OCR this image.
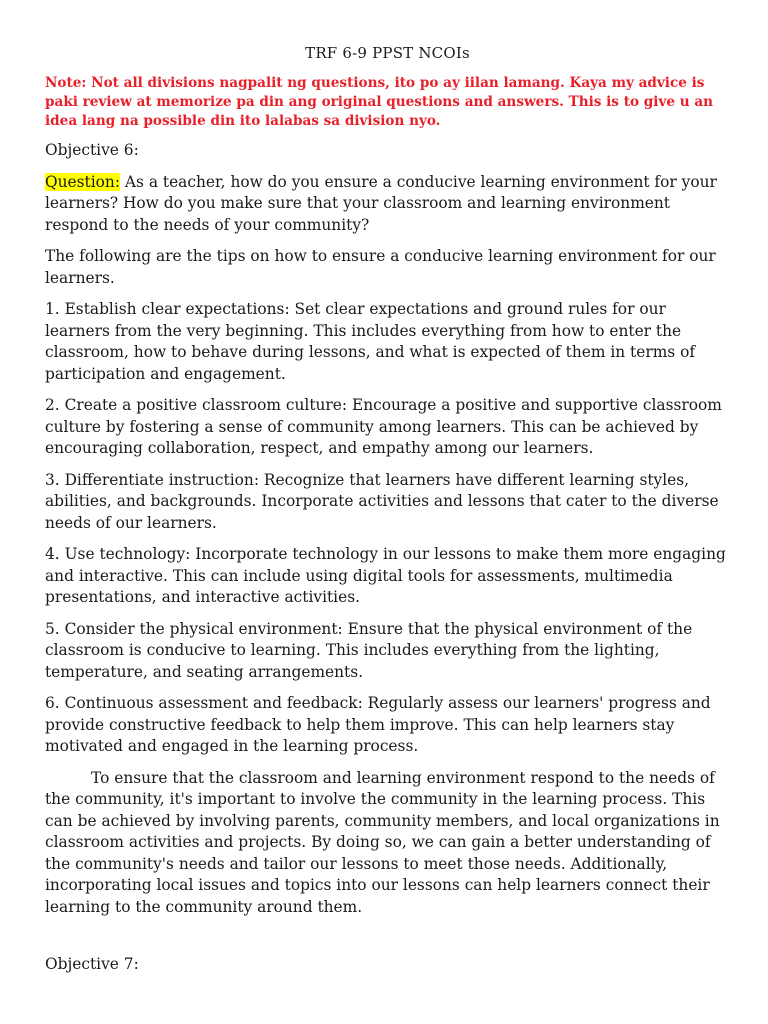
TRF 6-9 PPST NCOIs
Note: Not all divisions nagpalit ng questions, ito po ay iilan lamang. Kaya my advice is paki review at memorize pa din ang original questions and answers. This is to give u an idea lang na possible din ito lalabas sa division nyo.

Objective 6:

Question: As a teacher, how do you ensure a conducive learning environment for your learners? How do you make sure that your classroom and learning environment respond to the needs of your community?

The following are the tips on how to ensure a conducive learning environment for our learners.

1. Establish clear expectations: Set clear expectations and ground rules for our learners from the very beginning. This includes everything from how to enter the classroom, how to behave during lessons, and what is expected of them in terms of participation and engagement.

2. Create a positive classroom culture: Encourage a positive and supportive classroom culture by fostering a sense of community among learners. This can be achieved by encouraging collaboration, respect, and empathy among our learners.

3. Differentiate instruction: Recognize that learners have different learning styles, abilities, and backgrounds. Incorporate activities and lessons that cater to the diverse needs of our learners.

4. Use technology: Incorporate technology in our lessons to make them more engaging and interactive. This can include using digital tools for assessments, multimedia presentations, and interactive activities.

5. Consider the physical environment: Ensure that the physical environment of the classroom is conducive to learning. This includes everything from the lighting, temperature, and seating arrangements.

6. Continuous assessment and feedback: Regularly assess our learners' progress and provide constructive feedback to help them improve. This can help learners stay motivated and engaged in the learning process.

To ensure that the classroom and learning environment respond to the needs of the community, it's important to involve the community in the learning process. This can be achieved by involving parents, community members, and local organizations in classroom activities and projects. By doing so, we can gain a better understanding of the community's needs and tailor our lessons to meet those needs. Additionally, incorporating local issues and topics into our lessons can help learners connect their learning to the community around them.

Objective 7:
